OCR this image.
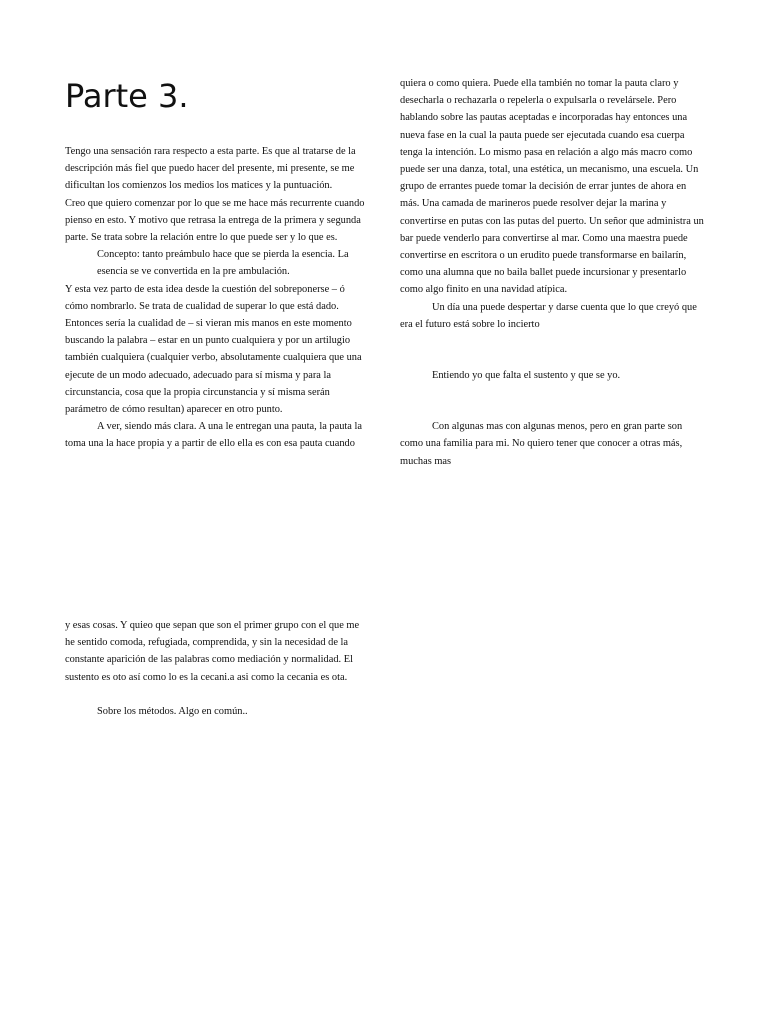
Parte 3.

Tengo una sensación rara respecto a esta parte. Es que al tratarse de la descripción más fiel que puedo hacer del presente, mi presente, se me dificultan los comienzos los medios los matices y la puntuación.

Creo que quiero comenzar por lo que se me hace más recurrente cuando pienso en esto. Y motivo que retrasa la entrega de la primera y segunda parte. Se trata sobre la relación entre lo que puede ser y lo que es.

Concepto: tanto preámbulo hace que se pierda la esencia. La esencia se ve convertida en la pre ambulación.

Y esta vez parto de esta idea desde la cuestión del sobreponerse – ó cómo nombrarlo. Se trata de cualidad de superar lo que está dado. Entonces sería la cualidad de – si vieran mis manos en este momento buscando la palabra – estar en un punto cualquiera y por un artilugio también cualquiera (cualquier verbo, absolutamente cualquiera que una ejecute de un modo adecuado, adecuado para sí misma y para la circunstancia, cosa que la propia circunstancia y sí misma serán parámetro de cómo resultan) aparecer en otro punto.

A ver, siendo más clara. A una le entregan una pauta, la pauta la toma una la hace propia y a partir de ello ella es con esa pauta cuando

quiera o como quiera. Puede ella también no tomar la pauta claro y desecharla o rechazarla o repelerla o expulsarla o revelársele. Pero hablando sobre las pautas aceptadas e incorporadas hay entonces una nueva fase en la cual la pauta puede ser ejecutada cuando esa cuerpa tenga la intención. Lo mismo pasa en relación a algo más macro como puede ser una danza, total, una estética, un mecanismo, una escuela. Un grupo de errantes puede tomar la decisión de errar juntes de ahora en más. Una camada de marineros puede resolver dejar la marina y convertirse en putas con las putas del puerto. Un señor que administra un bar puede venderlo para convertirse al mar. Como una maestra puede convertirse en escritora o un erudito puede transformarse en bailarín, como una alumna que no baila ballet puede incursionar y presentarlo como algo finito en una navidad atípica.

Un día una puede despertar y darse cuenta que lo que creyó que era el futuro está sobre lo incierto

Entiendo yo que falta el sustento y que se yo.

Con algunas mas con algunas menos, pero en gran parte son como una familia para mi. No quiero tener que conocer a otras más, muchas mas

y esas cosas. Y quieo que sepan que son el primer grupo con el que me he sentido comoda, refugiada, comprendida, y sin la necesidad de la constante aparición de las palabras como mediación y normalidad. El sustento es oto así como lo es la cecani.a asi como la cecania es ota.

Sobre los métodos. Algo en común..
